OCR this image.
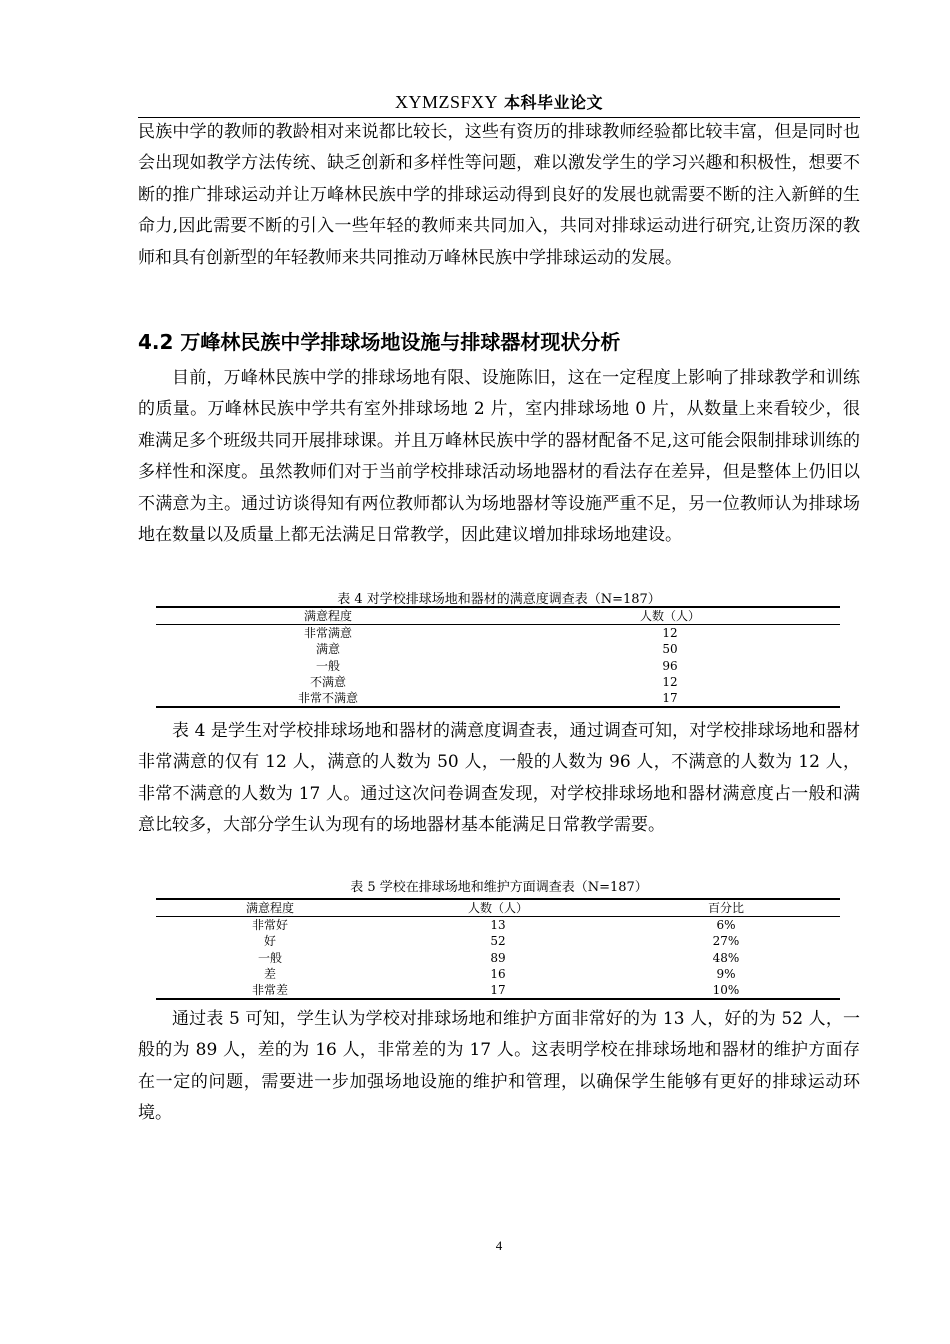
XYMZSFXY 本科毕业论文

民族中学的教师的教龄相对来说都比较长，这些有资历的排球教师经验都比较丰富，但是同时也会出现如教学方法传统、缺乏创新和多样性等问题，难以激发学生的学习兴趣和积极性，想要不断的推广排球运动并让万峰林民族中学的排球运动得到良好的发展也就需要不断的注入新鲜的生命力,因此需要不断的引入一些年轻的教师来共同加入，共同对排球运动进行研究,让资历深的教师和具有创新型的年轻教师来共同推动万峰林民族中学排球运动的发展。

4.2 万峰林民族中学排球场地设施与排球器材现状分析

目前，万峰林民族中学的排球场地有限、设施陈旧，这在一定程度上影响了排球教学和训练的质量。万峰林民族中学共有室外排球场地 2 片，室内排球场地 0 片，从数量上来看较少，很难满足多个班级共同开展排球课。并且万峰林民族中学的器材配备不足,这可能会限制排球训练的多样性和深度。虽然教师们对于当前学校排球活动场地器材的看法存在差异，但是整体上仍旧以不满意为主。通过访谈得知有两位教师都认为场地器材等设施严重不足，另一位教师认为排球场地在数量以及质量上都无法满足日常教学，因此建议增加排球场地建设。

表 4 对学校排球场地和器材的满意度调查表（N=187）

满意程度	人数（人）
非常满意	12
满意	50
一般	96
不满意	12
非常不满意	17

表 4 是学生对学校排球场地和器材的满意度调查表，通过调查可知，对学校排球场地和器材非常满意的仅有 12 人，满意的人数为 50 人，一般的人数为 96 人，不满意的人数为 12 人，非常不满意的人数为 17 人。通过这次问卷调查发现，对学校排球场地和器材满意度占一般和满意比较多，大部分学生认为现有的场地器材基本能满足日常教学需要。

表 5 学校在排球场地和维护方面调查表（N=187）

满意程度	人数（人）	百分比
非常好	13	6%
好	52	27%
一般	89	48%
差	16	9%
非常差	17	10%

通过表 5 可知，学生认为学校对排球场地和维护方面非常好的为 13 人，好的为 52 人，一般的为 89 人，差的为 16 人，非常差的为 17 人。这表明学校在排球场地和器材的维护方面存在一定的问题，需要进一步加强场地设施的维护和管理，以确保学生能够有更好的排球运动环境。

4
